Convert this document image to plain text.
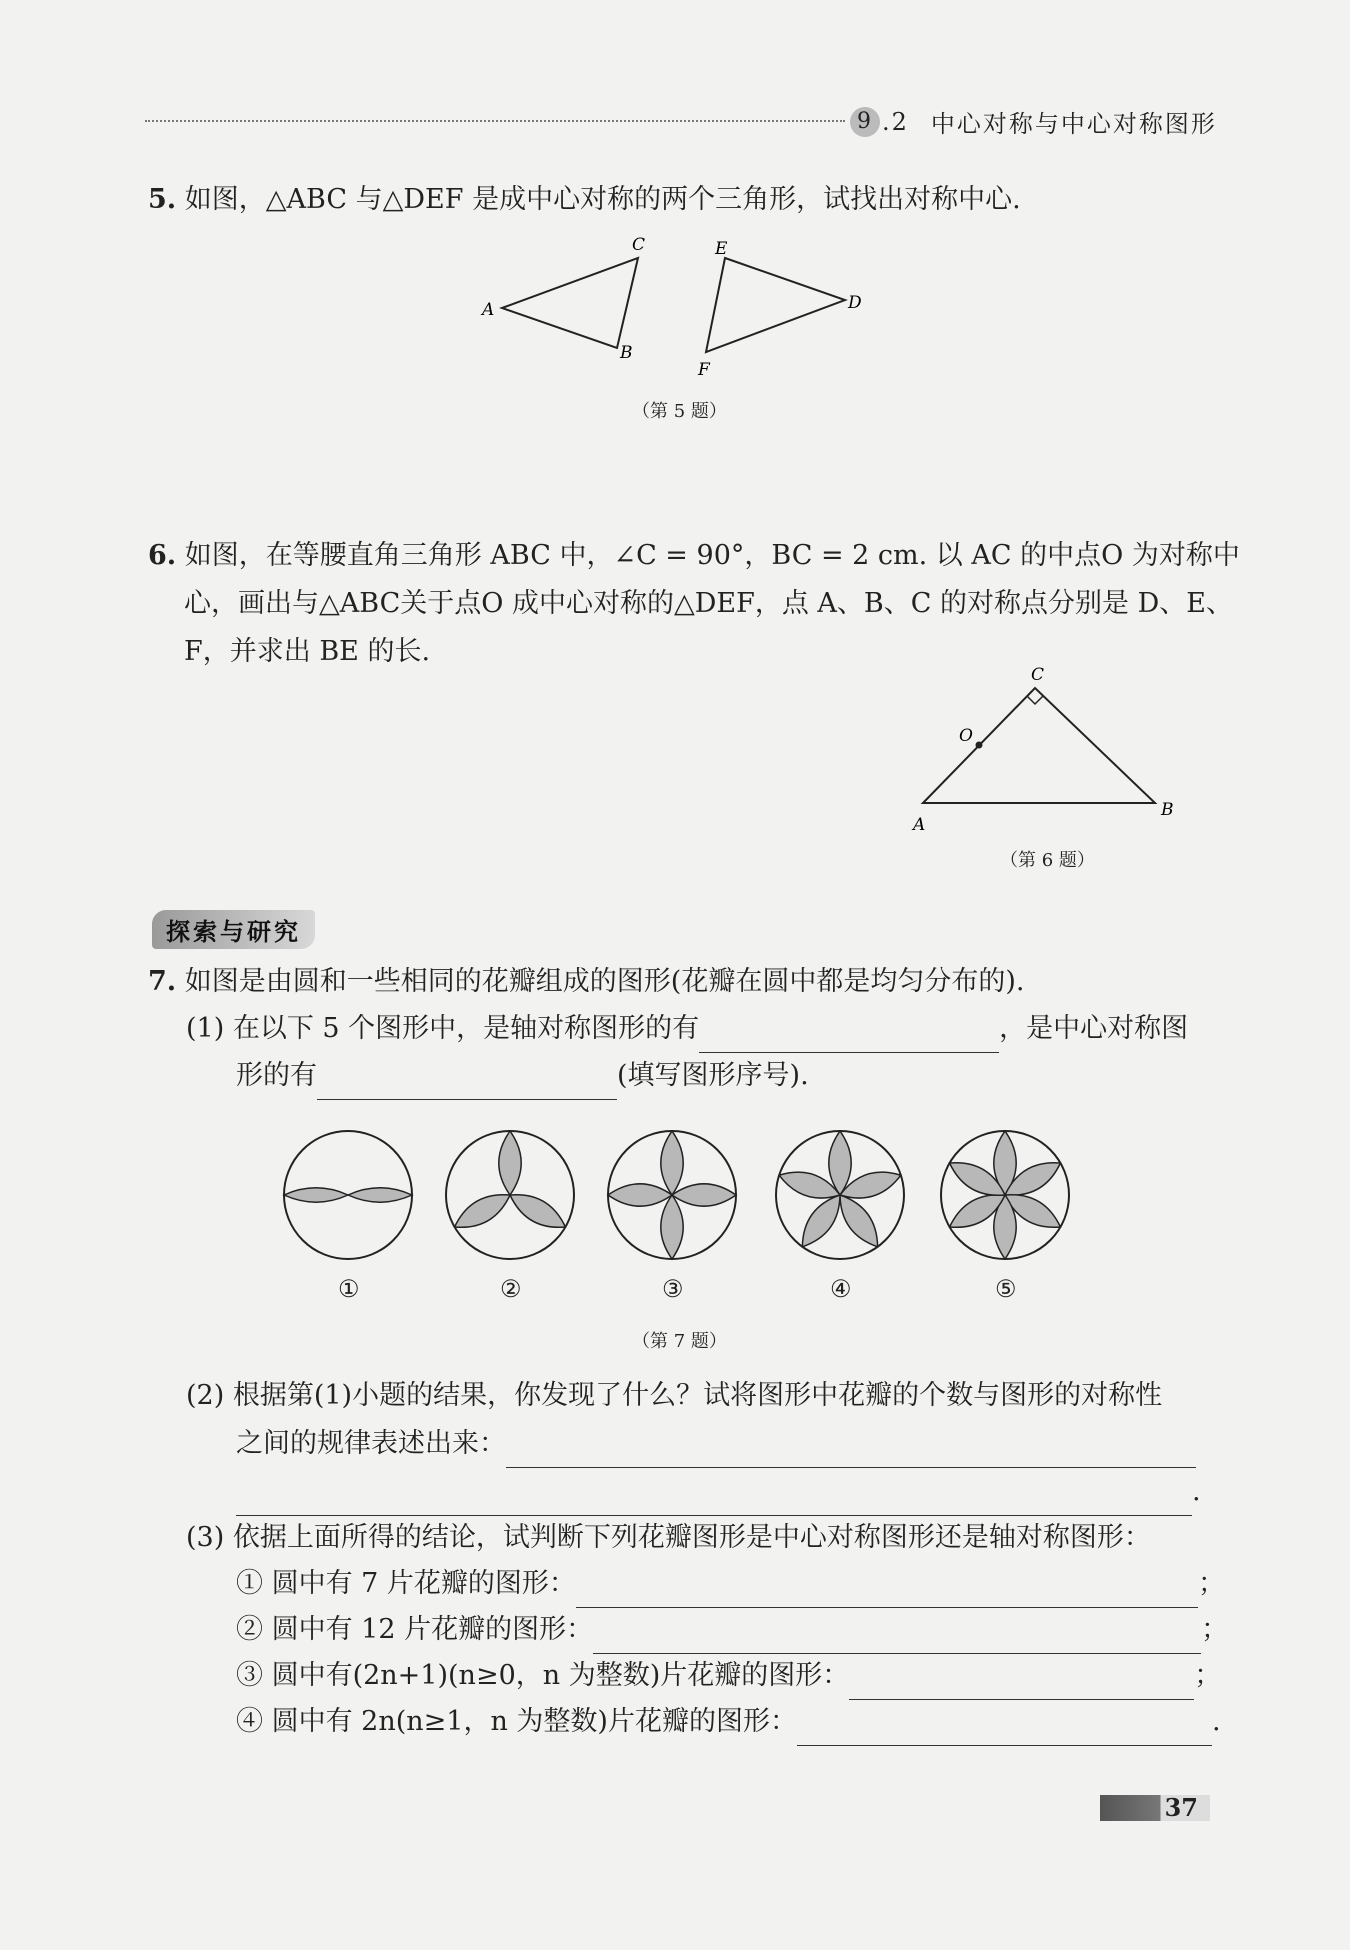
9 .2 中心对称与中心对称图形
5. 如图，△ABC 与△DEF 是成中心对称的两个三角形，试找出对称中心.
A
B
C
D
E
F
（第 5 题）
6. 如图，在等腰直角三角形 ABC 中，∠C = 90°，BC = 2 cm. 以 AC 的中点O 为对称中
心，画出与△ABC关于点O 成中心对称的△DEF，点 A、B、C 的对称点分别是 D、E、
F，并求出 BE 的长.
A
B
C
O
（第 6 题）
探索与研究
7. 如图是由圆和一些相同的花瓣组成的图形(花瓣在圆中都是均匀分布的).
(1) 在以下 5 个图形中，是轴对称图形的有	，是中心对称图
形的有	(填写图形序号).
①	②	③	④	⑤
（第 7 题）
(2) 根据第(1)小题的结果，你发现了什么？试将图形中花瓣的个数与图形的对称性
之间的规律表述出来：
.
(3) 依据上面所得的结论，试判断下列花瓣图形是中心对称图形还是轴对称图形：
① 圆中有 7 片花瓣的图形：	；
② 圆中有 12 片花瓣的图形：	；
③ 圆中有(2n+1)(n≥0，n 为整数)片花瓣的图形：	；
④ 圆中有 2n(n≥1，n 为整数)片花瓣的图形：	.
37
